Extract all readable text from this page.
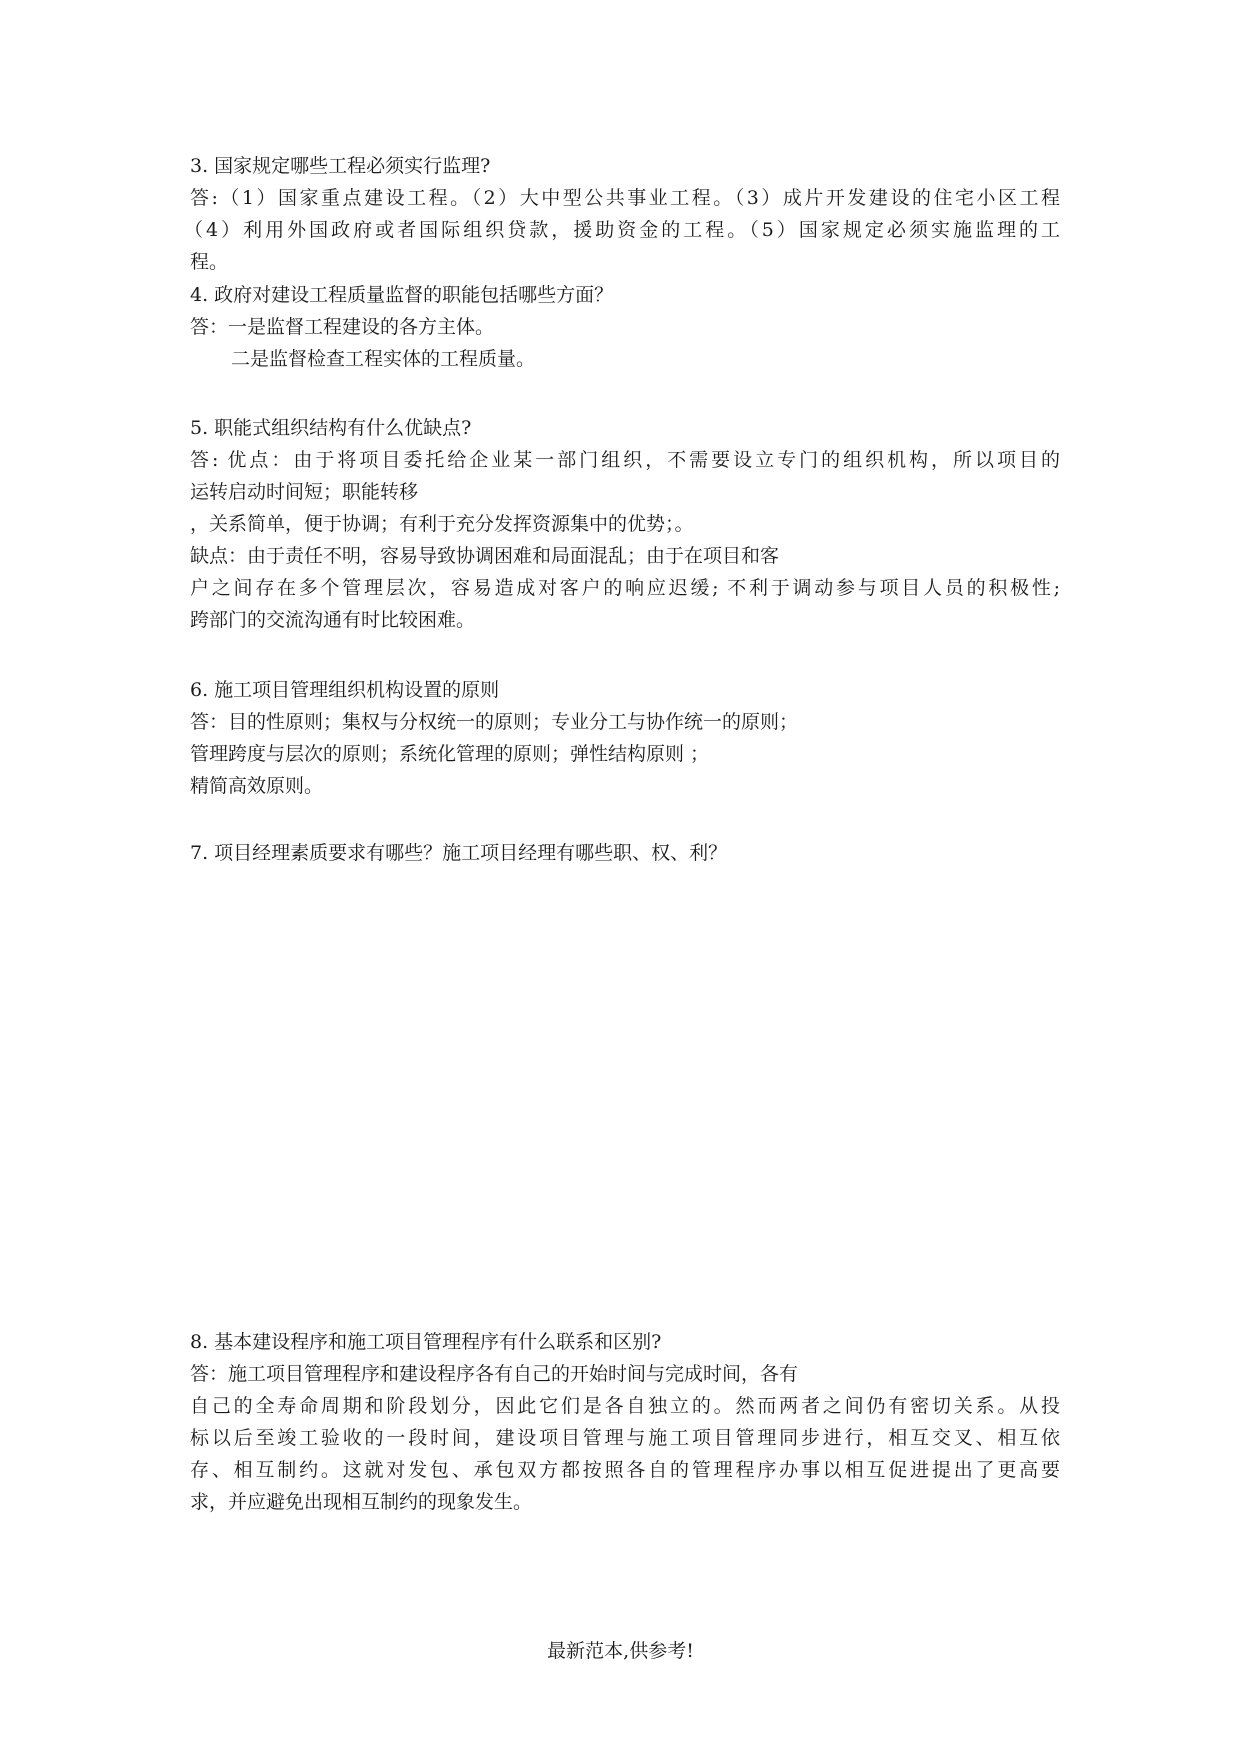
3. 国家规定哪些工程必须实行监理?
答:（1）国家重点建设工程。（2）大中型公共事业工程。（3）成片开发建设的住宅小区工程
（4）利用外国政府或者国际组织贷款，援助资金的工程。（5）国家规定必须实施监理的工
程。
4. 政府对建设工程质量监督的职能包括哪些方面？
答：一是监督工程建设的各方主体。
二是监督检查工程实体的工程质量。
5. 职能式组织结构有什么优缺点?
答: 优点：由于将项目委托给企业某一部门组织，不需要设立专门的组织机构，所以项目的
运转启动时间短；职能转移
，关系简单，便于协调；有利于充分发挥资源集中的优势；。
缺点：由于责任不明，容易导致协调困难和局面混乱；由于在项目和客
户之间存在多个管理层次，容易造成对客户的响应迟缓; 不利于调动参与项目人员的积极性;
跨部门的交流沟通有时比较困难。
6. 施工项目管理组织机构设置的原则
答：目的性原则；集权与分权统一的原则；专业分工与协作统一的原则；
管理跨度与层次的原则；系统化管理的原则；弹性结构原则 ；
精简高效原则。
7. 项目经理素质要求有哪些？施工项目经理有哪些职、权、利？
8. 基本建设程序和施工项目管理程序有什么联系和区别?
答：施工项目管理程序和建设程序各有自己的开始时间与完成时间，各有
自己的全寿命周期和阶段划分，因此它们是各自独立的。然而两者之间仍有密切关系。从投
标以后至竣工验收的一段时间，建设项目管理与施工项目管理同步进行，相互交叉、相互依
存、相互制约。这就对发包、承包双方都按照各自的管理程序办事以相互促进提出了更高要
求，并应避免出现相互制约的现象发生。
最新范本,供参考!
